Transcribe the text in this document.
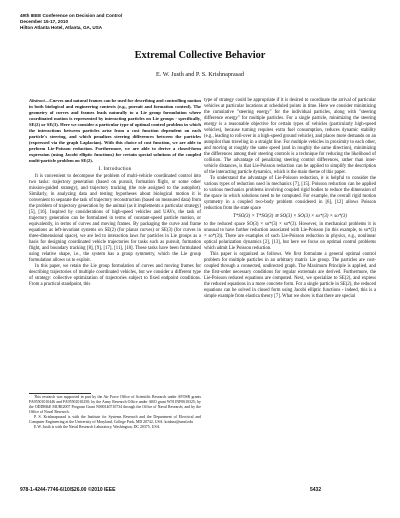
49th IEEE Conference on Decision and Control
December 15-17, 2010
Hilton Atlanta Hotel, Atlanta, GA, USA
Extremal Collective Behavior
E. W. Justh and P. S. Krishnaprasad

Abstract—Curves and natural frames can be used for describing and controlling motion in both biological and engineering contexts (e.g., pursuit and formation control). The geometry of curves and frames leads naturally to a Lie group formulation where coordinated motion is represented by interacting particles on Lie groups - specifically, SE(2) or SE(3). Here we consider a particular type of optimal control problem in which the interactions between particles arise from a cost function dependent on each particle's steering, and which penalizes steering differences between the particles (expressed via the graph Laplacian). With this choice of cost function, we are able to perform Lie-Poisson reduction. Furthermore, we are able to derive a closed-form expression (using Jacobi elliptic functions) for certain special solutions of the coupled multi-particle problem on SE(2).

I. Introduction

It is convenient to decompose the problem of multi-vehicle coordinated control into two tasks: trajectory generation (based on pursuit, formation flight, or some other mission-guided strategy), and trajectory tracking (the role assigned to the autopilot). Similarly, in analyzing data and testing hypotheses about biological motion it is convenient to separate the task of trajectory reconstruction (based on measured data) from the problem of trajectory generation by the animal (as it implements a particular strategy) [5], [16]. Inspired by considerations of high-speed vehicles and UAVs, the task of trajectory generation can be formulated in terms of constant-speed particle motion, or equivalently, in terms of curves and moving frames. By packaging the curve and frame equations as left-invariant systems on SE(2) (for planar curves) or SE(3) (for curves in three-dimensional space), we are led to interaction laws for particles in Lie groups as a basis for designing coordinated vehicle trajectories for tasks such as pursuit, formation flight, and boundary tracking [8], [9], [17], [11], [18]. These tasks have been formulated using relative shape, i.e., the system has a group symmetry, which the Lie group formulation allows us to exploit.

In this paper, we retain the Lie group formulation of curves and moving frames for describing trajectories of multiple coordinated vehicles, but we consider a different type of strategy: collective optimization of trajectories subject to fixed endpoint conditions. From a practical standpoint, this

This research was supported in part by the Air Force Office of Scientific Research under AFOSR grants FA95501010446 and FA95501010250; by the Army Research Office under ARO grant W911NF0610325; by the ODDR&E MURI2007 Program Grant N000140710734 through the Office of Naval Research; and by the Office of Naval Research.

P. S. Krishnaprasad is with the Institute for Systems Research and the Department of Electrical and Computer Engineering at the University of Maryland, College Park, MD 20742, USA. krishna@umd.edu

E.W. Justh is with the Naval Research Laboratory, Washington, DC 20375, USA.

type of strategy could be appropriate if it is desired to coordinate the arrival of particular vehicles at particular locations at scheduled points in time. Here we consider minimizing the cumulative "steering energy" for the individual particles, along with "steering difference energy" for multiple particles. For a single particle, minimizing the steering energy is a reasonable objective for certain types of vehicles (particularly high-speed vehicles), because turning requires extra fuel consumption, reduces dynamic stability (e.g., leading to roll-over in a high-speed ground vehicle), and places more demands on an autopilot than traveling in a straight line. For multiple vehicles in proximity to each other, and moving at roughly the same speed (and in roughly the same direction), minimizing the differences among their steering controls is a technique for reducing the likelihood of collision. The advantage of penalizing steering control differences, rather than inter-vehicle distances, is that Lie-Poisson reduction can be applied to simplify the description of the interacting particle dynamics, which is the main theme of this paper.

To understand the advantage of Lie-Poisson reduction, it is helpful to consider the various types of reduction used in mechanics [7], [15]. Poisson reduction can be applied to various mechanics problems involving coupled rigid bodies to reduce the dimension of the space in which solutions need to be computed. For example, the overall rigid motion symmetry in a coupled two-body problem considered in [6], [12] allows Poisson reduction from the state space

T*SO(3) × T*SO(3) ≅ SO(3) × SO(3) × so*(3) × so*(3)

to the reduced space SO(3) × so*(3) × so*(3). However, in mechanical problems it is unusual to have further reduction associated with Lie-Poisson (in this example, to so*(3) × so*(3)). There are examples of such Lie-Poisson reduction in physics, e.g., nonlinear optical polarization dynamics [2], [13], but here we focus on optimal control problems which admit Lie Poisson reduction.

This paper is organized as follows. We first formulate a general optimal control problem for multiple particles in an arbitrary matrix Lie group. The particles are cost-coupled through a connected, undirected graph. The Maximum Principle is applied, and the first-order necessary conditions for regular extremals are derived. Furthermore, the Lie-Poisson reduced equations are computed. Next, we specialize to SE(2), and express the reduced equations in a more concrete form. For a single particle in SE(2), the reduced equations can be solved in closed form using Jacobi elliptic functions - indeed, this is a simple example from elastica theory [7]. What we show is that there are special

978-1-4244-7746-6/10/$26.00 ©2010 IEEE	5432
